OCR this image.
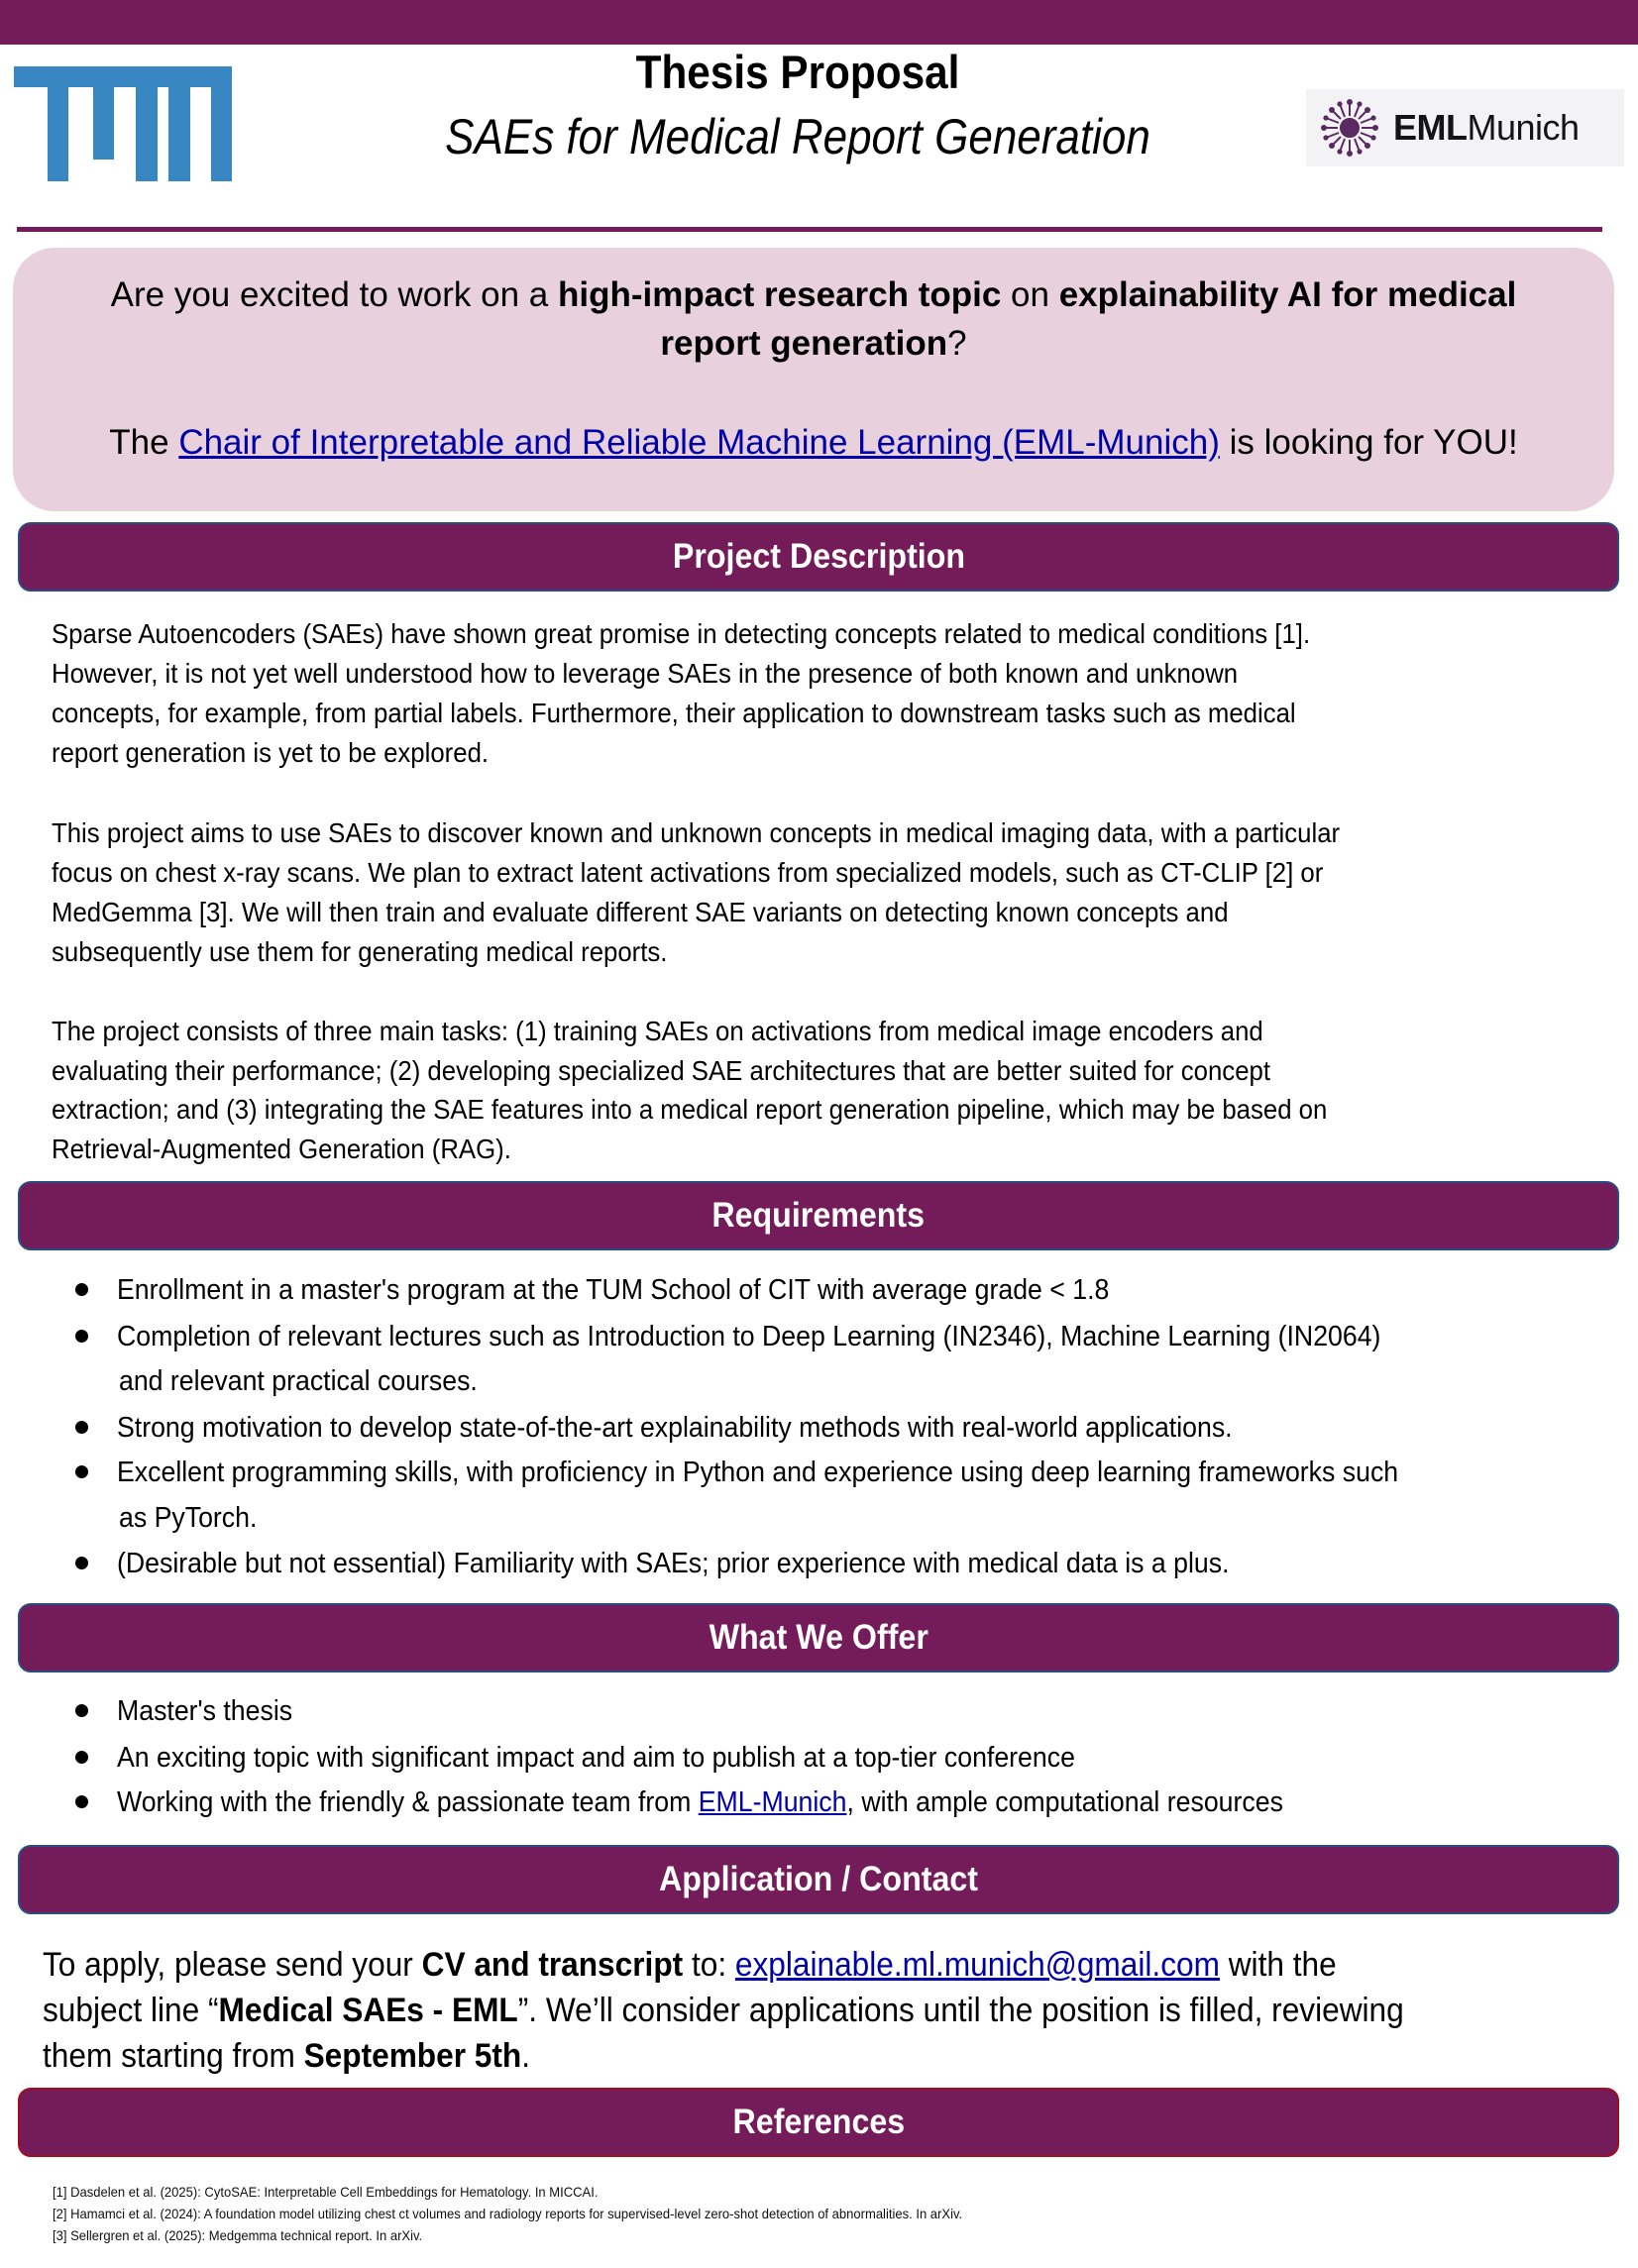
Thesis Proposal
SAEs for Medical Report Generation	EMLMunich
Are you excited to work on a high-impact research topic on explainability AI for medical
report generation?
The Chair of Interpretable and Reliable Machine Learning (EML-Munich) is looking for YOU!
Project Description
Sparse Autoencoders (SAEs) have shown great promise in detecting concepts related to medical conditions [1].
However, it is not yet well understood how to leverage SAEs in the presence of both known and unknown
concepts, for example, from partial labels. Furthermore, their application to downstream tasks such as medical
report generation is yet to be explored.
This project aims to use SAEs to discover known and unknown concepts in medical imaging data, with a particular
focus on chest x-ray scans. We plan to extract latent activations from specialized models, such as CT-CLIP [2] or
MedGemma [3]. We will then train and evaluate different SAE variants on detecting known concepts and
subsequently use them for generating medical reports.
The project consists of three main tasks: (1) training SAEs on activations from medical image encoders and
evaluating their performance; (2) developing specialized SAE architectures that are better suited for concept
extraction; and (3) integrating the SAE features into a medical report generation pipeline, which may be based on
Retrieval-Augmented Generation (RAG).
Requirements
Enrollment in a master's program at the TUM School of CIT with average grade < 1.8
Completion of relevant lectures such as Introduction to Deep Learning (IN2346), Machine Learning (IN2064)
and relevant practical courses.
Strong motivation to develop state-of-the-art explainability methods with real-world applications.
Excellent programming skills, with proficiency in Python and experience using deep learning frameworks such
as PyTorch.
(Desirable but not essential) Familiarity with SAEs; prior experience with medical data is a plus.
What We Offer
Master's thesis
An exciting topic with significant impact and aim to publish at a top-tier conference
Working with the friendly & passionate team from EML-Munich, with ample computational resources
Application / Contact
To apply, please send your CV and transcript to: explainable.ml.munich@gmail.com with the
subject line “Medical SAEs - EML”. We’ll consider applications until the position is filled, reviewing
them starting from September 5th.
References
[1] Dasdelen et al. (2025): CytoSAE: Interpretable Cell Embeddings for Hematology. In MICCAI.
[2] Hamamci et al. (2024): A foundation model utilizing chest ct volumes and radiology reports for supervised-level zero-shot detection of abnormalities. In arXiv.
[3] Sellergren et al. (2025): Medgemma technical report. In arXiv.
